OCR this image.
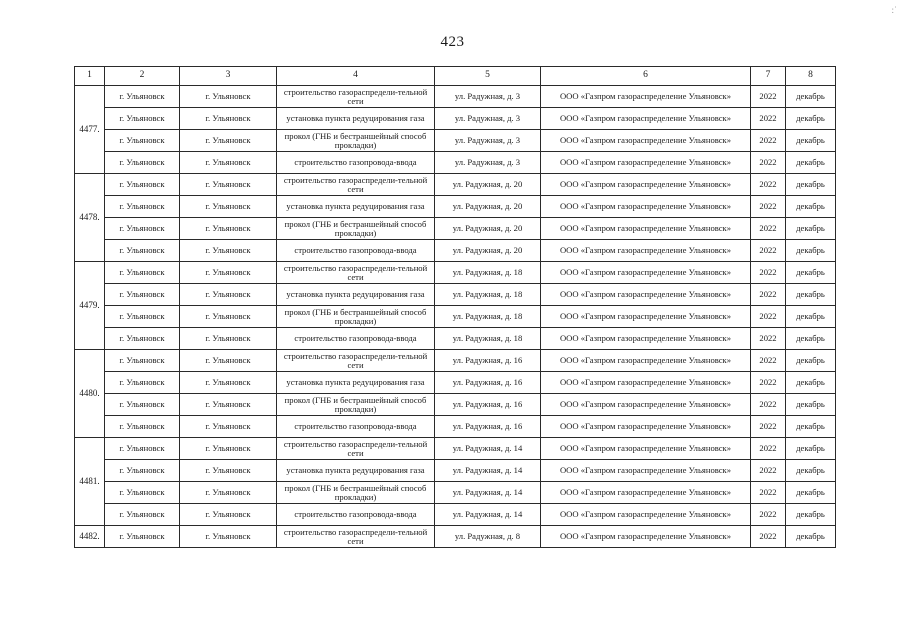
423
:˙
1	2	3	4	5	6	7	8
4477.	г. Ульяновск	г. Ульяновск	строительство газораспредели-тельной сети	ул. Радужная, д. 3	ООО «Газпром газораспределение Ульяновск»	2022	декабрь
	г. Ульяновск	г. Ульяновск	установка пункта редуцирования газа	ул. Радужная, д. 3	ООО «Газпром газораспределение Ульяновск»	2022	декабрь
	г. Ульяновск	г. Ульяновск	прокол (ГНБ и бестраншейный способ прокладки)	ул. Радужная, д. 3	ООО «Газпром газораспределение Ульяновск»	2022	декабрь
	г. Ульяновск	г. Ульяновск	строительство газопровода-ввода	ул. Радужная, д. 3	ООО «Газпром газораспределение Ульяновск»	2022	декабрь
4478.	г. Ульяновск	г. Ульяновск	строительство газораспредели-тельной сети	ул. Радужная, д. 20	ООО «Газпром газораспределение Ульяновск»	2022	декабрь
	г. Ульяновск	г. Ульяновск	установка пункта редуцирования газа	ул. Радужная, д. 20	ООО «Газпром газораспределение Ульяновск»	2022	декабрь
	г. Ульяновск	г. Ульяновск	прокол (ГНБ и бестраншейный способ прокладки)	ул. Радужная, д. 20	ООО «Газпром газораспределение Ульяновск»	2022	декабрь
	г. Ульяновск	г. Ульяновск	строительство газопровода-ввода	ул. Радужная, д. 20	ООО «Газпром газораспределение Ульяновск»	2022	декабрь
4479.	г. Ульяновск	г. Ульяновск	строительство газораспредели-тельной сети	ул. Радужная, д. 18	ООО «Газпром газораспределение Ульяновск»	2022	декабрь
	г. Ульяновск	г. Ульяновск	установка пункта редуцирования газа	ул. Радужная, д. 18	ООО «Газпром газораспределение Ульяновск»	2022	декабрь
	г. Ульяновск	г. Ульяновск	прокол (ГНБ и бестраншейный способ прокладки)	ул. Радужная, д. 18	ООО «Газпром газораспределение Ульяновск»	2022	декабрь
	г. Ульяновск	г. Ульяновск	строительство газопровода-ввода	ул. Радужная, д. 18	ООО «Газпром газораспределение Ульяновск»	2022	декабрь
4480.	г. Ульяновск	г. Ульяновск	строительство газораспредели-тельной сети	ул. Радужная, д. 16	ООО «Газпром газораспределение Ульяновск»	2022	декабрь
	г. Ульяновск	г. Ульяновск	установка пункта редуцирования газа	ул. Радужная, д. 16	ООО «Газпром газораспределение Ульяновск»	2022	декабрь
	г. Ульяновск	г. Ульяновск	прокол (ГНБ и бестраншейный способ прокладки)	ул. Радужная, д. 16	ООО «Газпром газораспределение Ульяновск»	2022	декабрь
	г. Ульяновск	г. Ульяновск	строительство газопровода-ввода	ул. Радужная, д. 16	ООО «Газпром газораспределение Ульяновск»	2022	декабрь
4481.	г. Ульяновск	г. Ульяновск	строительство газораспредели-тельной сети	ул. Радужная, д. 14	ООО «Газпром газораспределение Ульяновск»	2022	декабрь
	г. Ульяновск	г. Ульяновск	установка пункта редуцирования газа	ул. Радужная, д. 14	ООО «Газпром газораспределение Ульяновск»	2022	декабрь
	г. Ульяновск	г. Ульяновск	прокол (ГНБ и бестраншейный способ прокладки)	ул. Радужная, д. 14	ООО «Газпром газораспределение Ульяновск»	2022	декабрь
	г. Ульяновск	г. Ульяновск	строительство газопровода-ввода	ул. Радужная, д. 14	ООО «Газпром газораспределение Ульяновск»	2022	декабрь
4482.	г. Ульяновск	г. Ульяновск	строительство газораспредели-тельной сети	ул. Радужная, д. 8	ООО «Газпром газораспределение Ульяновск»	2022	декабрь
